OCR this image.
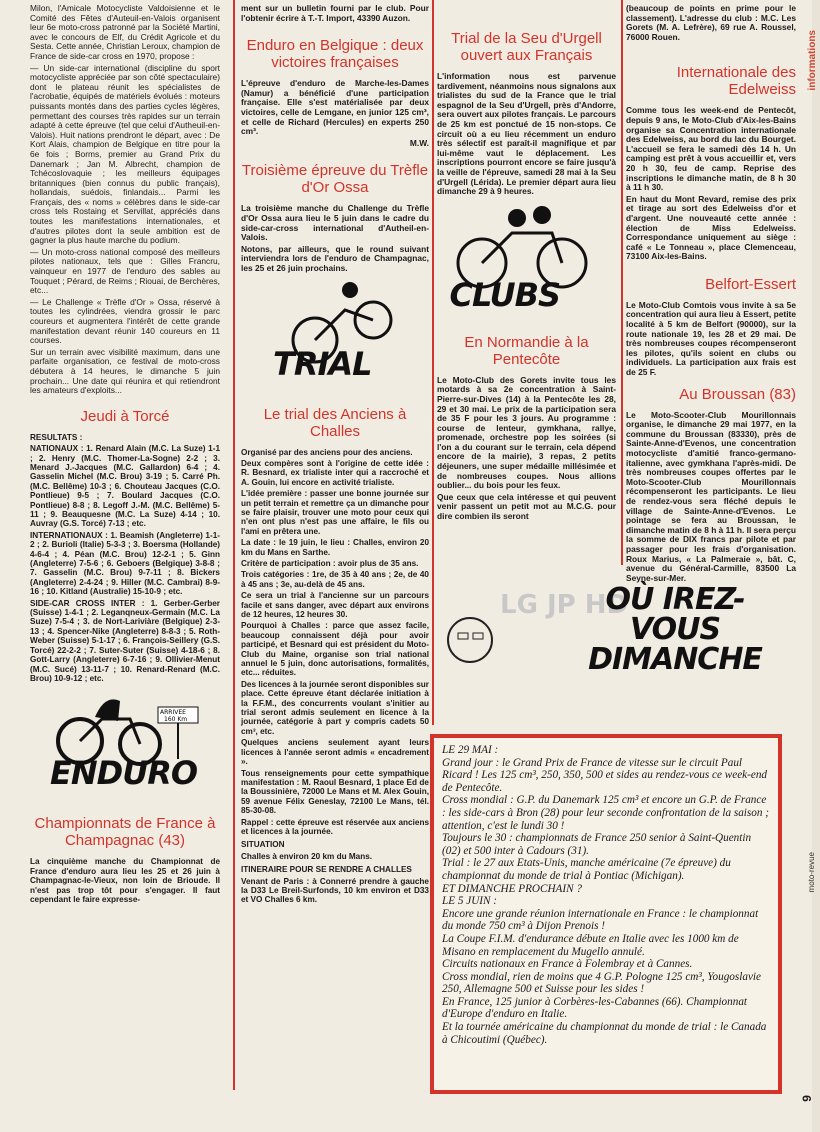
Milon, l'Amicale Motocycliste Valdoisienne et le Comité des Fêtes d'Auteuil-en-Valois organisent leur 6e moto-cross patronné par la Société Martini, avec le concours de Elf, du Crédit Agricole et du Sesta. Cette année, Christian Leroux, champion de France de side-car cross en 1970, propose :

— Un side-car international (discipline du sport motocycliste appréciée par son côté spectaculaire) dont le plateau réunit les spécialistes de l'acrobatie, équipés de matériels évolués : moteurs puissants montés dans des parties cycles légères, permettant des courses très rapides sur un terrain adapté à cette épreuve (tel que celui d'Autheuil-en-Valois). Huit nations prendront le départ, avec : De Kort Alais, champion de Belgique en titre pour la 6e fois ; Borms, premier au Grand Prix du Danemark ; Jan M. Albrecht, champion de Tchécoslovaquie ; les meilleurs équipages britanniques (bien connus du public français), hollandais, suédois, finlandais... Parmi les Français, des « noms » célèbres dans le side-car cross tels Rostaing et Servillat, appréciés dans toutes les manifestations internationales, et d'autres pilotes dont la seule ambition est de gagner la plus haute marche du podium.

— Un moto-cross national composé des meilleurs pilotes nationaux, tels que : Gilles Francru, vainqueur en 1977 de l'enduro des sables au Touquet ; Pérard, de Reims ; Riouai, de Berchères, etc...

— Le Challenge « Trèfle d'Or » Ossa, réservé à toutes les cylindrées, viendra grossir le parc coureurs et augmentera l'intérêt de cette grande manifestation devant réunir 140 coureurs en 11 courses.

Sur un terrain avec visibilité maximum, dans une parfaite organisation, ce festival de moto-cross débutera à 14 heures, le dimanche 5 juin prochain... Une date qui réunira et qui retiendront les amateurs d'exploits...

Jeudi à Torcé

RESULTATS :

NATIONAUX : 1. Renard Alain (M.C. La Suze) 1-1 ; 2. Henry (M.C. Thomer-La-Sogne) 2-2 ; 3. Menard J.-Jacques (M.C. Gallardon) 6-4 ; 4. Gasselin Michel (M.C. Brou) 3-19 ; 5. Carré Ph. (M.C. Bellême) 10-3 ; 6. Chouteau Jacques (C.O. Pontlieue) 9-5 ; 7. Boulard Jacques (C.O. Pontlieue) 8-8 ; 8. Legoff J.-M. (M.C. Bellême) 5-11 ; 9. Beauquesne (M.C. La Suze) 4-14 ; 10. Auvray (G.S. Torcé) 7-13 ; etc.

INTERNATIONAUX : 1. Beamish (Angleterre) 1-1-2 ; 2. Burioli (Italie) 5-3-3 ; 3. Boersma (Hollande) 4-6-4 ; 4. Péan (M.C. Brou) 12-2-1 ; 5. Ginn (Angleterre) 7-5-6 ; 6. Geboers (Belgique) 3-8-8 ; 7. Gasselin (M.C. Brou) 9-7-11 ; 8. Bickers (Angleterre) 2-4-24 ; 9. Hiller (M.C. Cambrai) 8-9-16 ; 10. Kitland (Australie) 15-10-9 ; etc.

SIDE-CAR CROSS INTER : 1. Gerber-Gerber (Suisse) 1-4-1 ; 2. Leganqneux-Germain (M.C. La Suze) 7-5-4 ; 3. de Nort-Lariviàre (Belgique) 2-3-13 ; 4. Spencer-Nike (Angleterre) 8-8-3 ; 5. Roth-Weber (Suisse) 5-1-17 ; 6. François-Seillery (G.S. Torcé) 22-2-2 ; 7. Suter-Suter (Suisse) 4-18-6 ; 8. Gott-Larry (Angleterre) 6-7-16 ; 9. Ollivier-Menut (M.C. Sucé) 13-11-7 ; 10. Renard-Renard (M.C. Brou) 10-9-12 ; etc.

ARRIVEE
160 Km
ENDURO
Championnats de France à Champagnac (43)

La cinquième manche du Championnat de France d'enduro aura lieu les 25 et 26 juin à Champagnac-le-Vieux, non loin de Brioude. Il n'est pas trop tôt pour s'engager. Il faut cependant le faire expresse-

ment sur un bulletin fourni par le club. Pour l'obtenir écrire à T.-T. Import, 43390 Auzon.

Enduro en Belgique : deux victoires françaises

L'épreuve d'enduro de Marche-les-Dames (Namur) a bénéficié d'une participation française. Elle s'est matérialisée par deux victoires, celle de Lemgane, en junior 125 cm³, et celle de Richard (Hercules) en experts 250 cm³.

M.W.

Troisième épreuve du Trèfle d'Or Ossa

La troisième manche du Challenge du Trèfle d'Or Ossa aura lieu le 5 juin dans le cadre du side-car-cross international d'Autheil-en-Valois.

Notons, par ailleurs, que le round suivant interviendra lors de l'enduro de Champagnac, les 25 et 26 juin prochains.

TRIAL
Le trial des Anciens à Challes

Organisé par des anciens pour des anciens.

Deux compères sont à l'origine de cette idée : R. Besnard, ex trialiste inter qui a raccroché et A. Gouin, lui encore en activité trialiste.

L'idée première : passer une bonne journée sur un petit terrain et remettre ça un dimanche pour se faire plaisir, trouver une moto pour ceux qui n'en ont plus n'est pas une affaire, le fils ou l'ami en prêtera une.

La date : le 19 juin, le lieu : Challes, environ 20 km du Mans en Sarthe.

Critère de participation : avoir plus de 35 ans.

Trois catégories : 1re, de 35 à 40 ans ; 2e, de 40 à 45 ans ; 3e, au-delà de 45 ans.

Ce sera un trial à l'ancienne sur un parcours facile et sans danger, avec départ aux environs de 12 heures, 12 heures 30.

Pourquoi à Challes : parce que assez facile, beaucoup connaissent déjà pour avoir participé, et Besnard qui est président du Moto-Club du Maine, organise son trial national annuel le 5 juin, donc autorisations, formalités, etc... réduites.

Des licences à la journée seront disponibles sur place. Cette épreuve étant déclarée initiation à la F.F.M., des concurrents voulant s'initier au trial seront admis seulement en licence à la journée, catégorie à part y compris cadets 50 cm³, etc.

Quelques anciens seulement ayant leurs licences à l'année seront admis « encadrement ».

Tous renseignements pour cette sympathique manifestation : M. Raoul Besnard, 1 place Ed de la Boussinière, 72000 Le Mans et M. Alex Gouin, 59 avenue Félix Geneslay, 72100 Le Mans, tél. 85-30-08.

Rappel : cette épreuve est réservée aux anciens et licences à la journée.

SITUATION

Challes à environ 20 km du Mans.

ITINERAIRE POUR SE RENDRE A CHALLES

Venant de Paris : à Connerré prendre à gauche la D33 Le Breil-Surfonds, 10 km environ et D33 et VO Challes 6 km.

Trial de la Seu d'Urgell ouvert aux Français

L'information nous est parvenue tardivement, néanmoins nous signalons aux trialistes du sud de la France que le trial espagnol de la Seu d'Urgell, près d'Andorre, sera ouvert aux pilotes français. Le parcours de 25 km est ponctué de 15 non-stops. Ce circuit où a eu lieu récemment un enduro très sélectif est paraît-il magnifique et par lui-même vaut le déplacement. Les inscriptions pourront encore se faire jusqu'à la veille de l'épreuve, samedi 28 mai à la Seu d'Urgell (Lérida). Le premier départ aura lieu dimanche 29 à 9 heures.

CLUBS
En Normandie à la Pentecôte

Le Moto-Club des Gorets invite tous les motards à sa 2e concentration à Saint-Pierre-sur-Dives (14) à la Pentecôte les 28, 29 et 30 mai. Le prix de la participation sera de 35 F pour les 3 jours. Au programme : course de lenteur, gymkhana, rallye, promenade, orchestre pop les soirées (si l'on a du courant sur le terrain, cela dépend encore de la mairie), 3 repas, 2 petits déjeuners, une super médaille millésimée et de nombreuses coupes. Nous allions oublier... du bois pour les feux.

Que ceux que cela intéresse et qui peuvent venir passent un petit mot au M.C.G. pour dire combien ils seront

(beaucoup de points en prime pour le classement). L'adresse du club : M.C. Les Gorets (M. A. Lefrère), 69 rue A. Roussel, 76000 Rouen.

Internationale des Edelweiss

Comme tous les week-end de Pentecôt, depuis 9 ans, le Moto-Club d'Aix-les-Bains organise sa Concentration internationale des Edelweiss, au bord du lac du Bourget. L'accueil se fera le samedi dès 14 h. Un camping est prêt à vous accueillir et, vers 20 h 30, feu de camp. Reprise des inscriptions le dimanche matin, de 8 h 30 à 11 h 30.

En haut du Mont Revard, remise des prix et tirage au sort des Edelweiss d'or et d'argent. Une nouveauté cette année : élection de Miss Edelweiss. Correspondance uniquement au siège : café « Le Tonneau », place Clemenceau, 73100 Aix-les-Bains.

Belfort-Essert

Le Moto-Club Comtois vous invite à sa 5e concentration qui aura lieu à Essert, petite localité à 5 km de Belfort (90000), sur la route nationale 19, les 28 et 29 mai. De très nombreuses coupes récompenseront les pilotes, qu'ils soient en clubs ou individuels. La participation aux frais est de 25 F.

Au Broussan (83)

Le Moto-Scooter-Club Mourillonnais organise, le dimanche 29 mai 1977, en la commune du Broussan (83330), près de Sainte-Anne-d'Evenos, une concentration motocycliste d'amitié franco-germano-italienne, avec gymkhana l'après-midi. De très nombreuses coupes offertes par le Moto-Scooter-Club Mourillonnais récompenseront les participants. Le lieu de rendez-vous sera fléché depuis le village de Sainte-Anne-d'Evenos. Le pointage se fera au Broussan, le dimanche matin de 8 h à 11 h. Il sera perçu la somme de DIX francs par pilote et par passager pour les frais d'organisation. Roux Marius, « La Palmeraie », bât. C, avenue du Général-Carmille, 83500 La Seyne-sur-Mer.

LG JP HD
OÙ IREZ-VOUS DIMANCHE

LE 29 MAI :

Grand jour : le Grand Prix de France de vitesse sur le circuit Paul Ricard ! Les 125 cm³, 250, 350, 500 et sides au rendez-vous ce week-end de Pentecôte.

Cross mondial : G.P. du Danemark 125 cm³ et encore un G.P. de France : les side-cars à Bron (28) pour leur seconde confrontation de la saison ; attention, c'est le lundi 30 !

Toujours le 30 : championnats de France 250 senior à Saint-Quentin (02) et 500 inter à Cadours (31).

Trial : le 27 aux Etats-Unis, manche américaine (7e épreuve) du championnat du monde de trial à Pontiac (Michigan).

ET DIMANCHE PROCHAIN ?

LE 5 JUIN :

Encore une grande réunion internationale en France : le championnat du monde 750 cm³ à Dijon Prenois !

La Coupe F.I.M. d'endurance débute en Italie avec les 1000 km de Misano en remplacement du Mugello annulé.

Circuits nationaux en France à Folembray et à Cannes.

Cross mondial, rien de moins que 4 G.P. Pologne 125 cm³, Yougoslavie 250, Allemagne 500 et Suisse pour les sides !

En France, 125 junior à Corbères-les-Cabannes (66). Championnat d'Europe d'enduro en Italie.

Et la tournée américaine du championnat du monde de trial : le Canada à Chicoutimi (Québec).

informations
moto-revue
9
